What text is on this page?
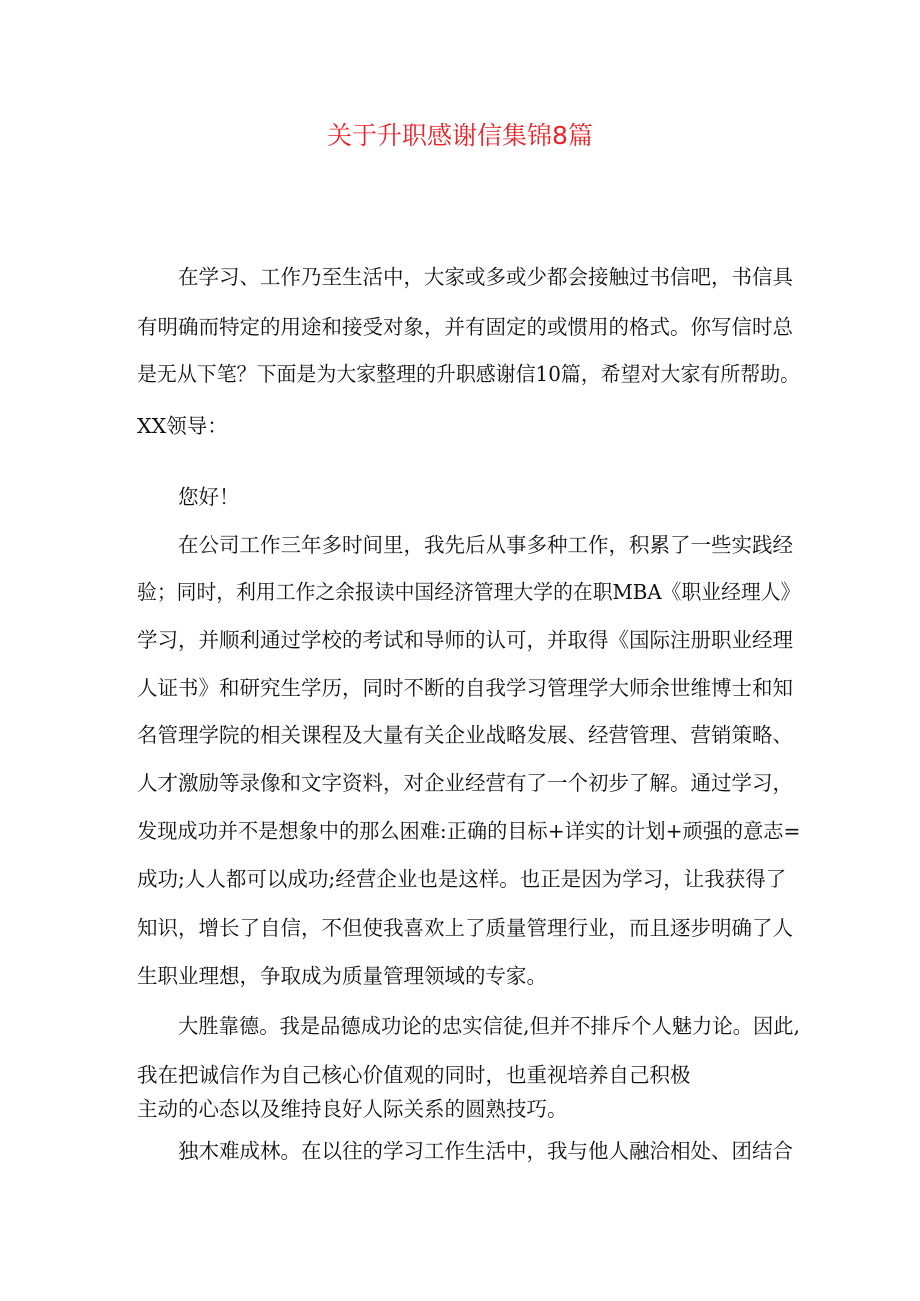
关于升职感谢信集锦8篇
在学习、工作乃至生活中，大家或多或少都会接触过书信吧，书信具
有明确而特定的用途和接受对象，并有固定的或惯用的格式。你写信时总
是无从下笔？下面是为大家整理的升职感谢信10篇，希望对大家有所帮助。
XX领导：
您好！
在公司工作三年多时间里，我先后从事多种工作，积累了一些实践经
验；同时，利用工作之余报读中国经济管理大学的在职MBA《职业经理人》
学习，并顺利通过学校的考试和导师的认可，并取得《国际注册职业经理
人证书》和研究生学历，同时不断的自我学习管理学大师余世维博士和知
名管理学院的相关课程及大量有关企业战略发展、经营管理、营销策略、
人才激励等录像和文字资料，对企业经营有了一个初步了解。通过学习，
发现成功并不是想象中的那么困难:正确的目标+详实的计划+顽强的意志=
成功;人人都可以成功;经营企业也是这样。也正是因为学习，让我获得了
知识，增长了自信，不但使我喜欢上了质量管理行业，而且逐步明确了人
生职业理想，争取成为质量管理领域的专家。
大胜靠德。我是品德成功论的忠实信徒,但并不排斥个人魅力论。因此,
我在把诚信作为自己核心价值观的同时，也重视培养自己积极
主动的心态以及维持良好人际关系的圆熟技巧。
独木难成林。在以往的学习工作生活中，我与他人融洽相处、团结合
